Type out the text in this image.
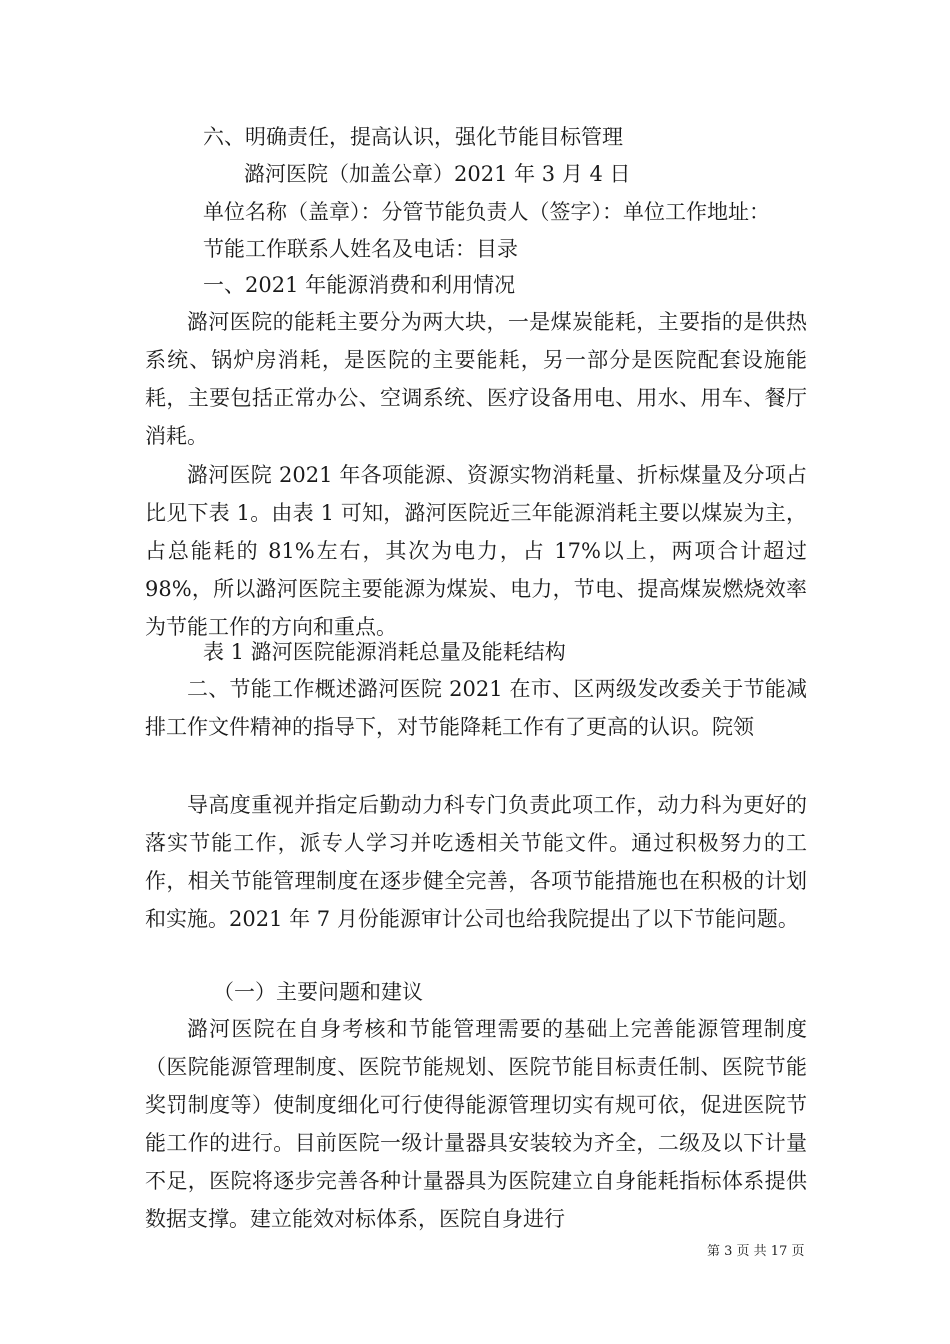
六、明确责任，提高认识，强化节能目标管理
潞河医院（加盖公章）2021 年 3 月 4 日
单位名称（盖章）：分管节能负责人（签字）：单位工作地址：
节能工作联系人姓名及电话：目录
一、2021 年能源消费和利用情况

潞河医院的能耗主要分为两大块，一是煤炭能耗，主要指的是供热系统、锅炉房消耗，是医院的主要能耗，另一部分是医院配套设施能耗，主要包括正常办公、空调系统、医疗设备用电、用水、用车、餐厅消耗。

潞河医院 2021 年各项能源、资源实物消耗量、折标煤量及分项占比见下表 1。由表 1 可知，潞河医院近三年能源消耗主要以煤炭为主，占总能耗的 81%左右，其次为电力，占 17%以上，两项合计超过 98%，所以潞河医院主要能源为煤炭、电力，节电、提高煤炭燃烧效率为节能工作的方向和重点。

表 1 潞河医院能源消耗总量及能耗结构

二、节能工作概述潞河医院 2021 在市、区两级发改委关于节能减排工作文件精神的指导下，对节能降耗工作有了更高的认识。院领

导高度重视并指定后勤动力科专门负责此项工作，动力科为更好的落实节能工作，派专人学习并吃透相关节能文件。通过积极努力的工作，相关节能管理制度在逐步健全完善，各项节能措施也在积极的计划和实施。2021 年 7 月份能源审计公司也给我院提出了以下节能问题。

（一）主要问题和建议

潞河医院在自身考核和节能管理需要的基础上完善能源管理制度（医院能源管理制度、医院节能规划、医院节能目标责任制、医院节能奖罚制度等）使制度细化可行使得能源管理切实有规可依，促进医院节能工作的进行。目前医院一级计量器具安装较为齐全，二级及以下计量不足，医院将逐步完善各种计量器具为医院建立自身能耗指标体系提供数据支撑。建立能效对标体系，医院自身进行

第 3 页 共 17 页
